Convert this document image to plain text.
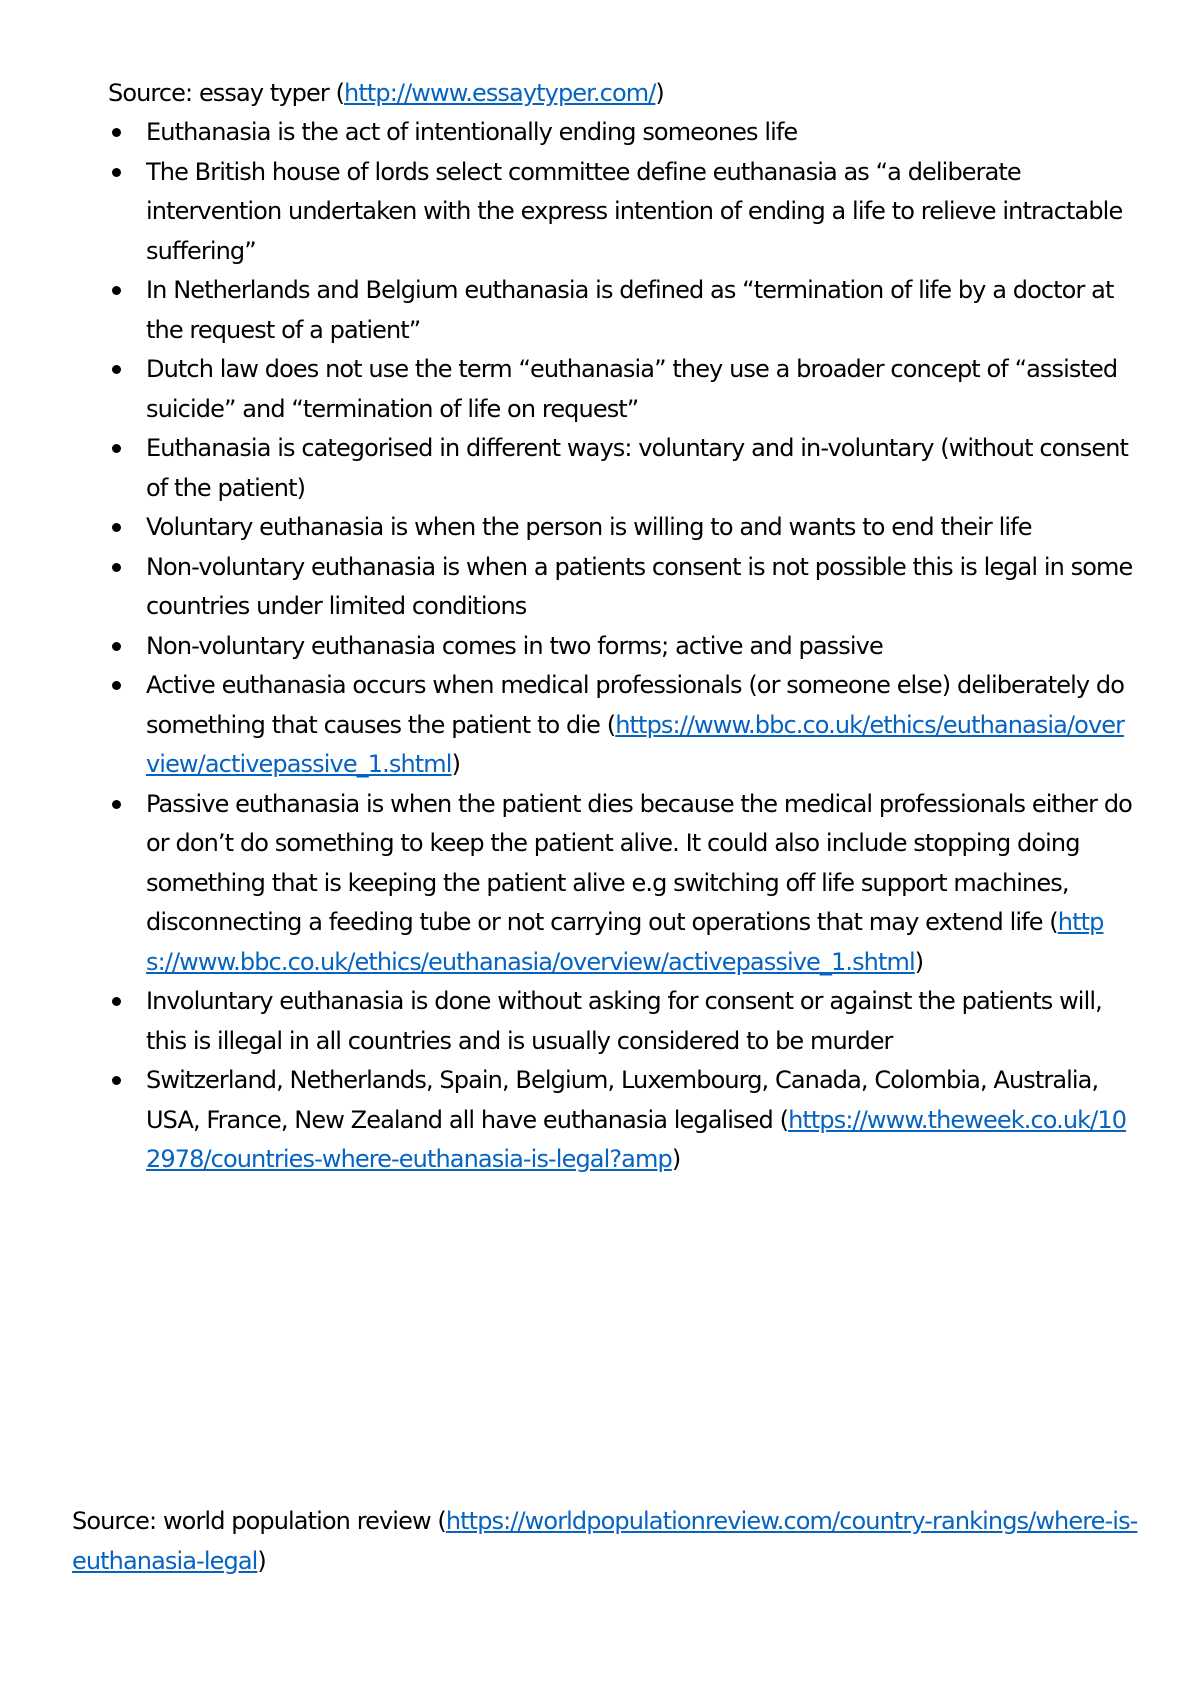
Source: essay typer (http://www.essaytyper.com/)
Euthanasia is the act of intentionally ending someones life
The British house of lords select committee define euthanasia as “a deliberate intervention undertaken with the express intention of ending a life to relieve intractable suffering”
In Netherlands and Belgium euthanasia is defined as “termination of life by a doctor at the request of a patient”
Dutch law does not use the term “euthanasia” they use a broader concept of “assisted suicide” and “termination of life on request”
Euthanasia is categorised in different ways: voluntary and in-voluntary (without consent of the patient)
Voluntary euthanasia is when the person is willing to and wants to end their life
Non-voluntary euthanasia is when a patients consent is not possible this is legal in some countries under limited conditions
Non-voluntary euthanasia comes in two forms; active and passive
Active euthanasia occurs when medical professionals (or someone else) deliberately do something that causes the patient to die (https://www.bbc.co.uk/ethics/euthanasia/overview/activepassive_1.shtml)
Passive euthanasia is when the patient dies because the medical professionals either do or don’t do something to keep the patient alive. It could also include stopping doing something that is keeping the patient alive e.g switching off life support machines, disconnecting a feeding tube or not carrying out operations that may extend life (https://www.bbc.co.uk/ethics/euthanasia/overview/activepassive_1.shtml)
Involuntary euthanasia is done without asking for consent or against the patients will, this is illegal in all countries and is usually considered to be murder
Switzerland, Netherlands, Spain, Belgium, Luxembourg, Canada, Colombia, Australia, USA, France, New Zealand all have euthanasia legalised (https://www.theweek.co.uk/102978/countries-where-euthanasia-is-legal?amp)
Source: world population review (https://worldpopulationreview.com/country-rankings/where-is-euthanasia-legal)
